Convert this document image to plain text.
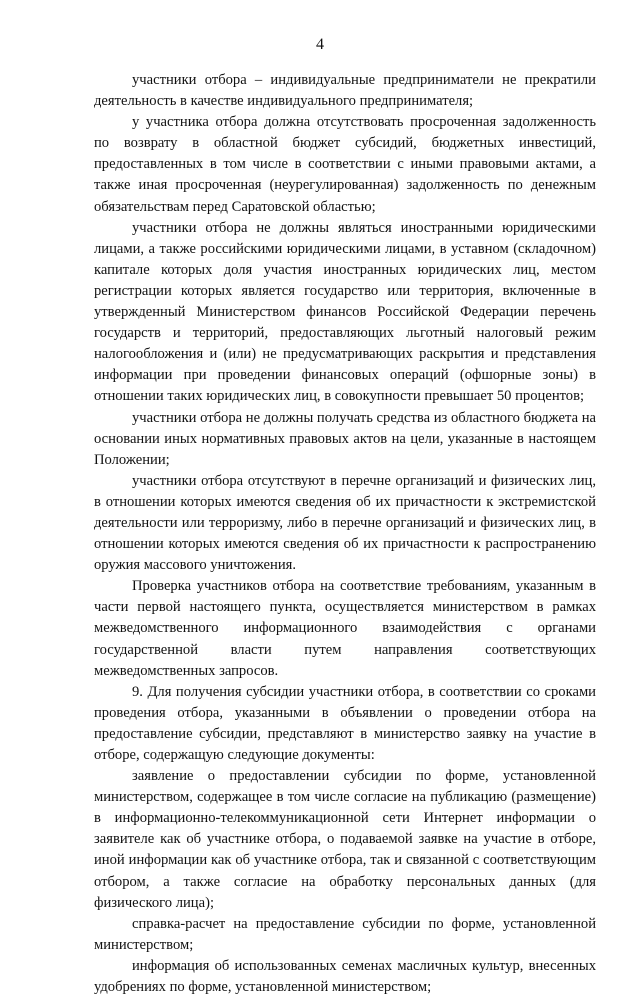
4

участники отбора – индивидуальные предприниматели не прекратили деятельность в качестве индивидуального предпринимателя;

у участника отбора должна отсутствовать просроченная задолженность по возврату в областной бюджет субсидий, бюджетных инвестиций, предоставленных в том числе в соответствии с иными правовыми актами, а также иная просроченная (неурегулированная) задолженность по денежным обязательствам перед Саратовской областью;

участники отбора не должны являться иностранными юридическими лицами, а также российскими юридическими лицами, в уставном (складочном) капитале которых доля участия иностранных юридических лиц, местом регистрации которых является государство или территория, включенные в утвержденный Министерством финансов Российской Федерации перечень государств и территорий, предоставляющих льготный налоговый режим налогообложения и (или) не предусматривающих раскрытия и представления информации при проведении финансовых операций (офшорные зоны) в отношении таких юридических лиц, в совокупности превышает 50 процентов;

участники отбора не должны получать средства из областного бюджета на основании иных нормативных правовых актов на цели, указанные в настоящем Положении;

участники отбора отсутствуют в перечне организаций и физических лиц, в отношении которых имеются сведения об их причастности к экстремистской деятельности или терроризму, либо в перечне организаций и физических лиц, в отношении которых имеются сведения об их причастности к распространению оружия массового уничтожения.

Проверка участников отбора на соответствие требованиям, указанным в части первой настоящего пункта, осуществляется министерством в рамках межведомственного информационного взаимодействия с органами государственной власти путем направления соответствующих межведомственных запросов.

9. Для получения субсидии участники отбора, в соответствии со сроками проведения отбора, указанными в объявлении о проведении отбора на предоставление субсидии, представляют в министерство заявку на участие в отборе, содержащую следующие документы:

заявление о предоставлении субсидии по форме, установленной министерством, содержащее в том числе согласие на публикацию (размещение) в информационно-телекоммуникационной сети Интернет информации о заявителе как об участнике отбора, о подаваемой заявке на участие в отборе, иной информации как об участнике отбора, так и связанной с соответствующим отбором, а также согласие на обработку персональных данных (для физического лица);

справка-расчет на предоставление субсидии по форме, установленной министерством;

информация об использованных семенах масличных культур, внесенных удобрениях по форме, установленной министерством;
